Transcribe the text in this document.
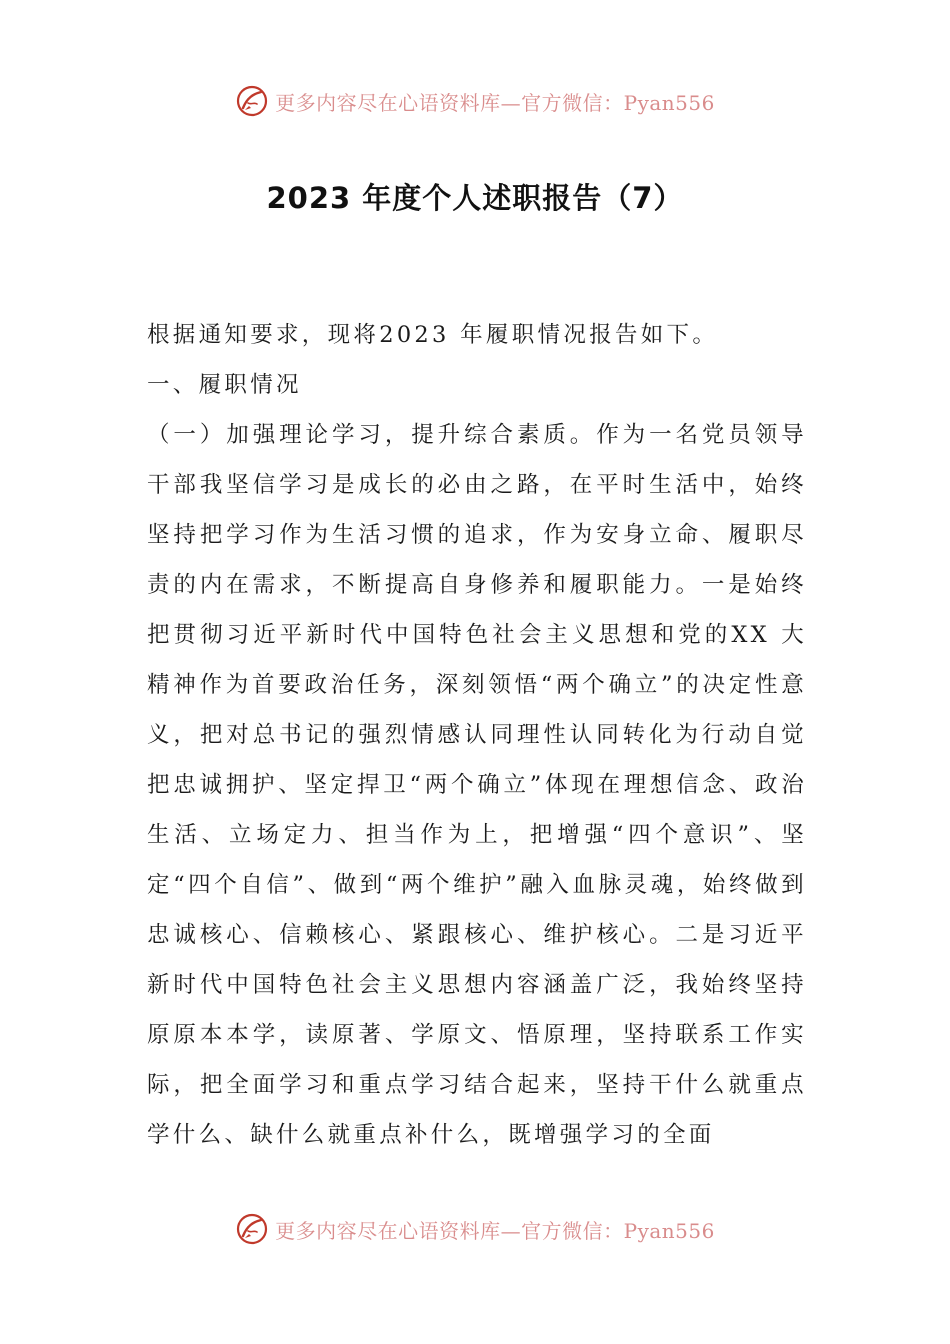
更多内容尽在心语资料库—官方微信：Pyan556
2023 年度个人述职报告（7）

根据通知要求，现将2023 年履职情况报告如下。

一、履职情况

（一）加强理论学习，提升综合素质。作为一名党员领导干部我坚信学习是成长的必由之路，在平时生活中，始终坚持把学习作为生活习惯的追求，作为安身立命、履职尽责的内在需求，不断提高自身修养和履职能力。一是始终把贯彻习近平新时代中国特色社会主义思想和党的XX 大精神作为首要政治任务，深刻领悟“两个确立”的决定性意义，把对总书记的强烈情感认同理性认同转化为行动自觉把忠诚拥护、坚定捍卫“两个确立”体现在理想信念、政治生活、立场定力、担当作为上，把增强“四个意识”、坚定“四个自信”、做到“两个维护”融入血脉灵魂，始终做到忠诚核心、信赖核心、紧跟核心、维护核心。二是习近平新时代中国特色社会主义思想内容涵盖广泛，我始终坚持原原本本学，读原著、学原文、悟原理，坚持联系工作实际，把全面学习和重点学习结合起来，坚持干什么就重点学什么、缺什么就重点补什么，既增强学习的全面

更多内容尽在心语资料库—官方微信：Pyan556
